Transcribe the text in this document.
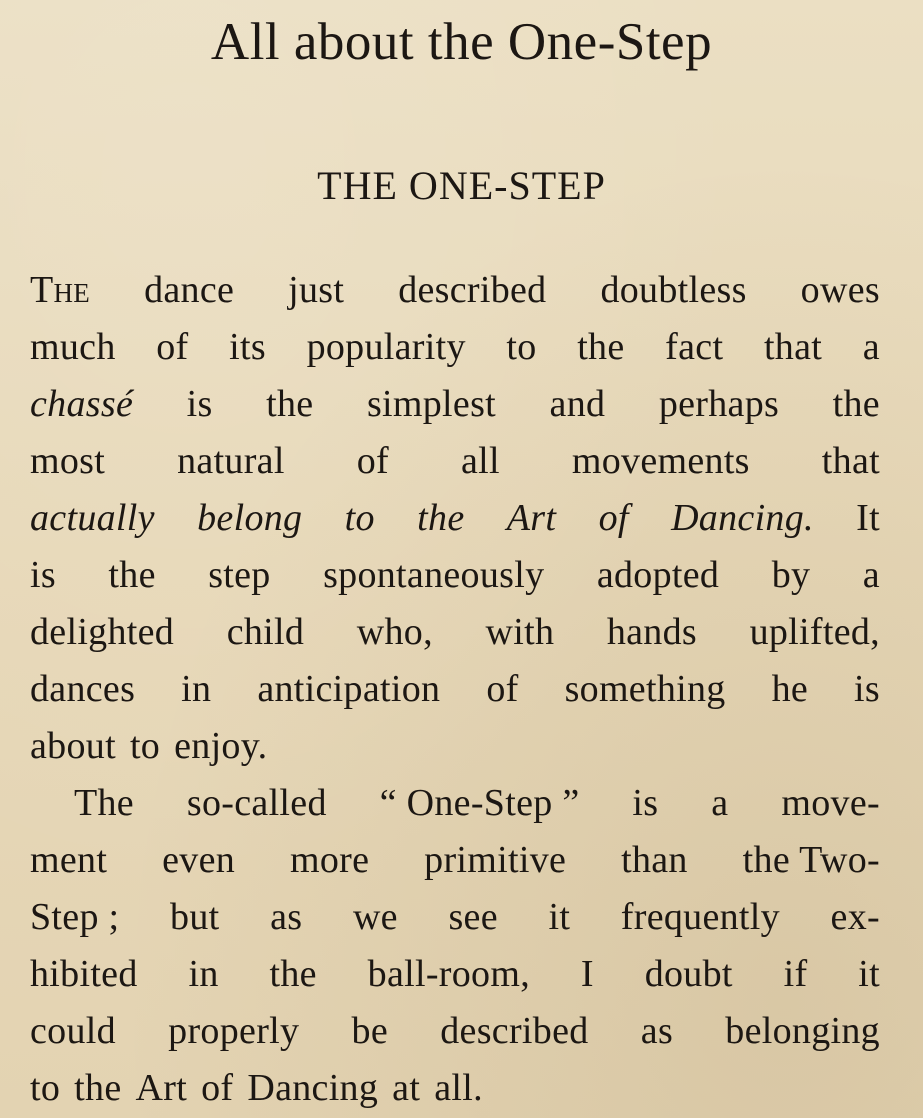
All about the One-Step
THE ONE-STEP
The dance just described doubtless owes
much of its popularity to the fact that a
chassé is the simplest and perhaps the
most natural of all movements that
actually belong to the Art of Dancing. It
is the step spontaneously adopted by a
delighted child who, with hands uplifted,
dances in anticipation of something he is
about to enjoy.
The so-called “ One-Step ” is a move-
ment even more primitive than the Two-
Step ; but as we see it frequently ex-
hibited in the ball-room, I doubt if it
could properly be described as belonging
to the Art of Dancing at all.
